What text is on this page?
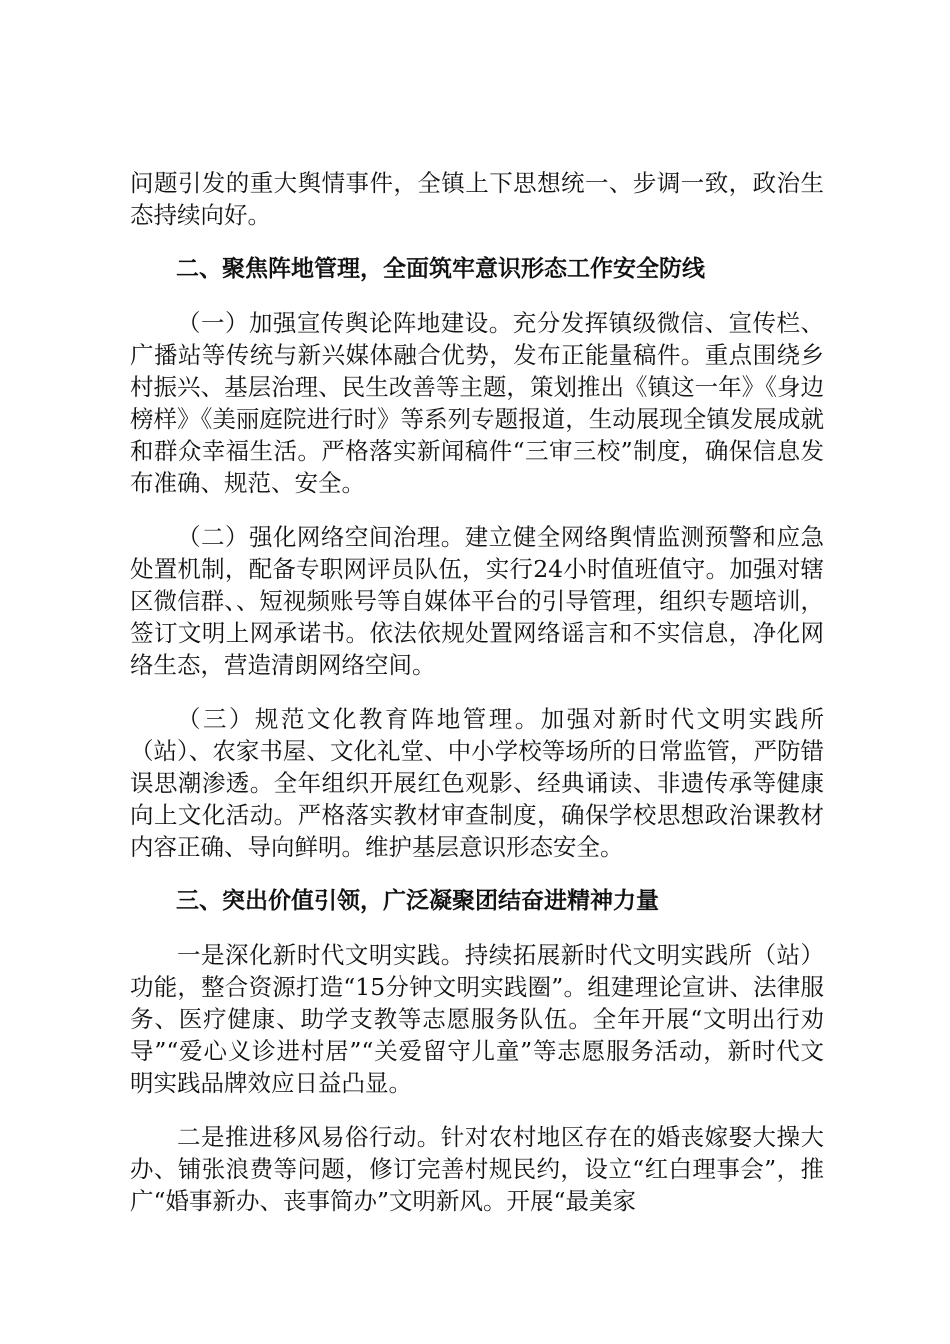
问题引发的重大舆情事件，全镇上下思想统一、步调一致，政治生态持续向好。

二、聚焦阵地管理，全面筑牢意识形态工作安全防线

（一）加强宣传舆论阵地建设。充分发挥镇级微信、宣传栏、广播站等传统与新兴媒体融合优势，发布正能量稿件。重点围绕乡村振兴、基层治理、民生改善等主题，策划推出《镇这一年》《身边榜样》《美丽庭院进行时》等系列专题报道，生动展现全镇发展成就和群众幸福生活。严格落实新闻稿件“三审三校”制度，确保信息发布准确、规范、安全。

（二）强化网络空间治理。建立健全网络舆情监测预警和应急处置机制，配备专职网评员队伍，实行24小时值班值守。加强对辖区微信群、、短视频账号等自媒体平台的引导管理，组织专题培训，签订文明上网承诺书。依法依规处置网络谣言和不实信息，净化网络生态，营造清朗网络空间。

（三）规范文化教育阵地管理。加强对新时代文明实践所（站）、农家书屋、文化礼堂、中小学校等场所的日常监管，严防错误思潮渗透。全年组织开展红色观影、经典诵读、非遗传承等健康向上文化活动。严格落实教材审查制度，确保学校思想政治课教材内容正确、导向鲜明。维护基层意识形态安全。

三、突出价值引领，广泛凝聚团结奋进精神力量

一是深化新时代文明实践。持续拓展新时代文明实践所（站）功能，整合资源打造“15分钟文明实践圈”。组建理论宣讲、法律服务、医疗健康、助学支教等志愿服务队伍。全年开展“文明出行劝导”“爱心义诊进村居”“关爱留守儿童”等志愿服务活动，新时代文明实践品牌效应日益凸显。

二是推进移风易俗行动。针对农村地区存在的婚丧嫁娶大操大办、铺张浪费等问题，修订完善村规民约，设立“红白理事会”，推广“婚事新办、丧事简办”文明新风。开展“最美家
